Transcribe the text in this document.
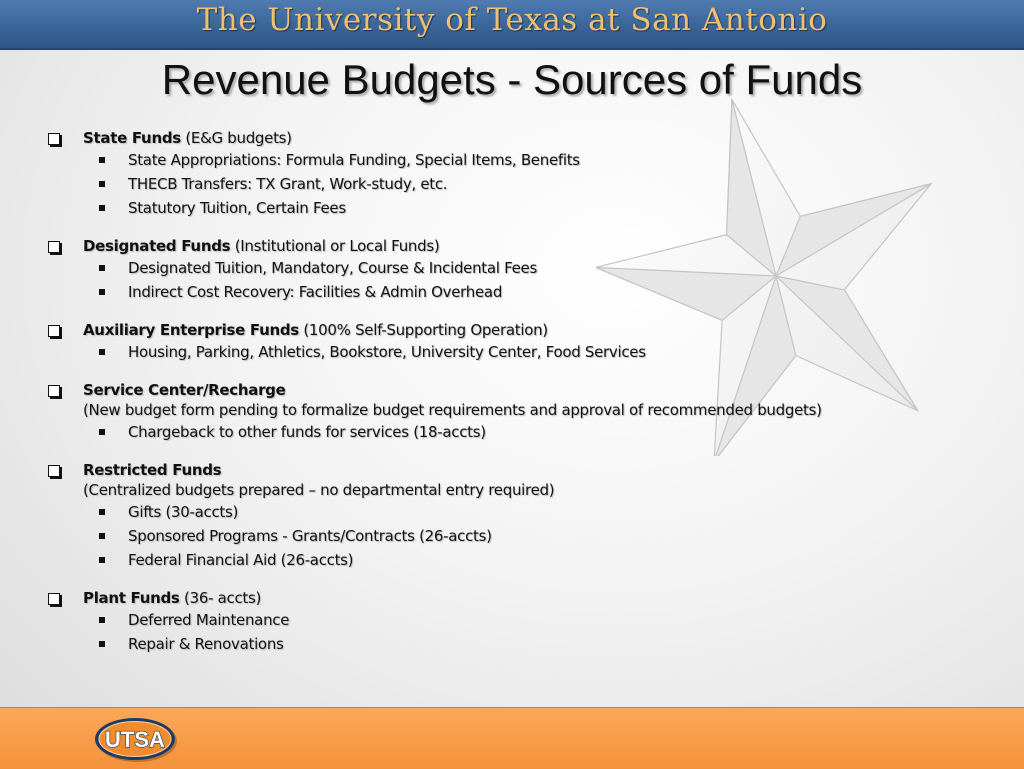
The University of Texas at San Antonio
Revenue Budgets - Sources of Funds
State Funds (E&G budgets)
State Appropriations: Formula Funding, Special Items, Benefits
THECB Transfers: TX Grant, Work-study, etc.
Statutory Tuition, Certain Fees
Designated Funds (Institutional or Local Funds)
Designated Tuition, Mandatory, Course & Incidental Fees
Indirect Cost Recovery: Facilities & Admin Overhead
Auxiliary Enterprise Funds (100% Self-Supporting Operation)
Housing, Parking, Athletics, Bookstore, University Center, Food Services
Service Center/Recharge
(New budget form pending to formalize budget requirements and approval of recommended budgets)
Chargeback to other funds for services (18-accts)
Restricted Funds
(Centralized budgets prepared – no departmental entry required)
Gifts (30-accts)
Sponsored Programs - Grants/Contracts (26-accts)
Federal Financial Aid (26-accts)
Plant Funds (36- accts)
Deferred Maintenance
Repair & Renovations
UTSA
